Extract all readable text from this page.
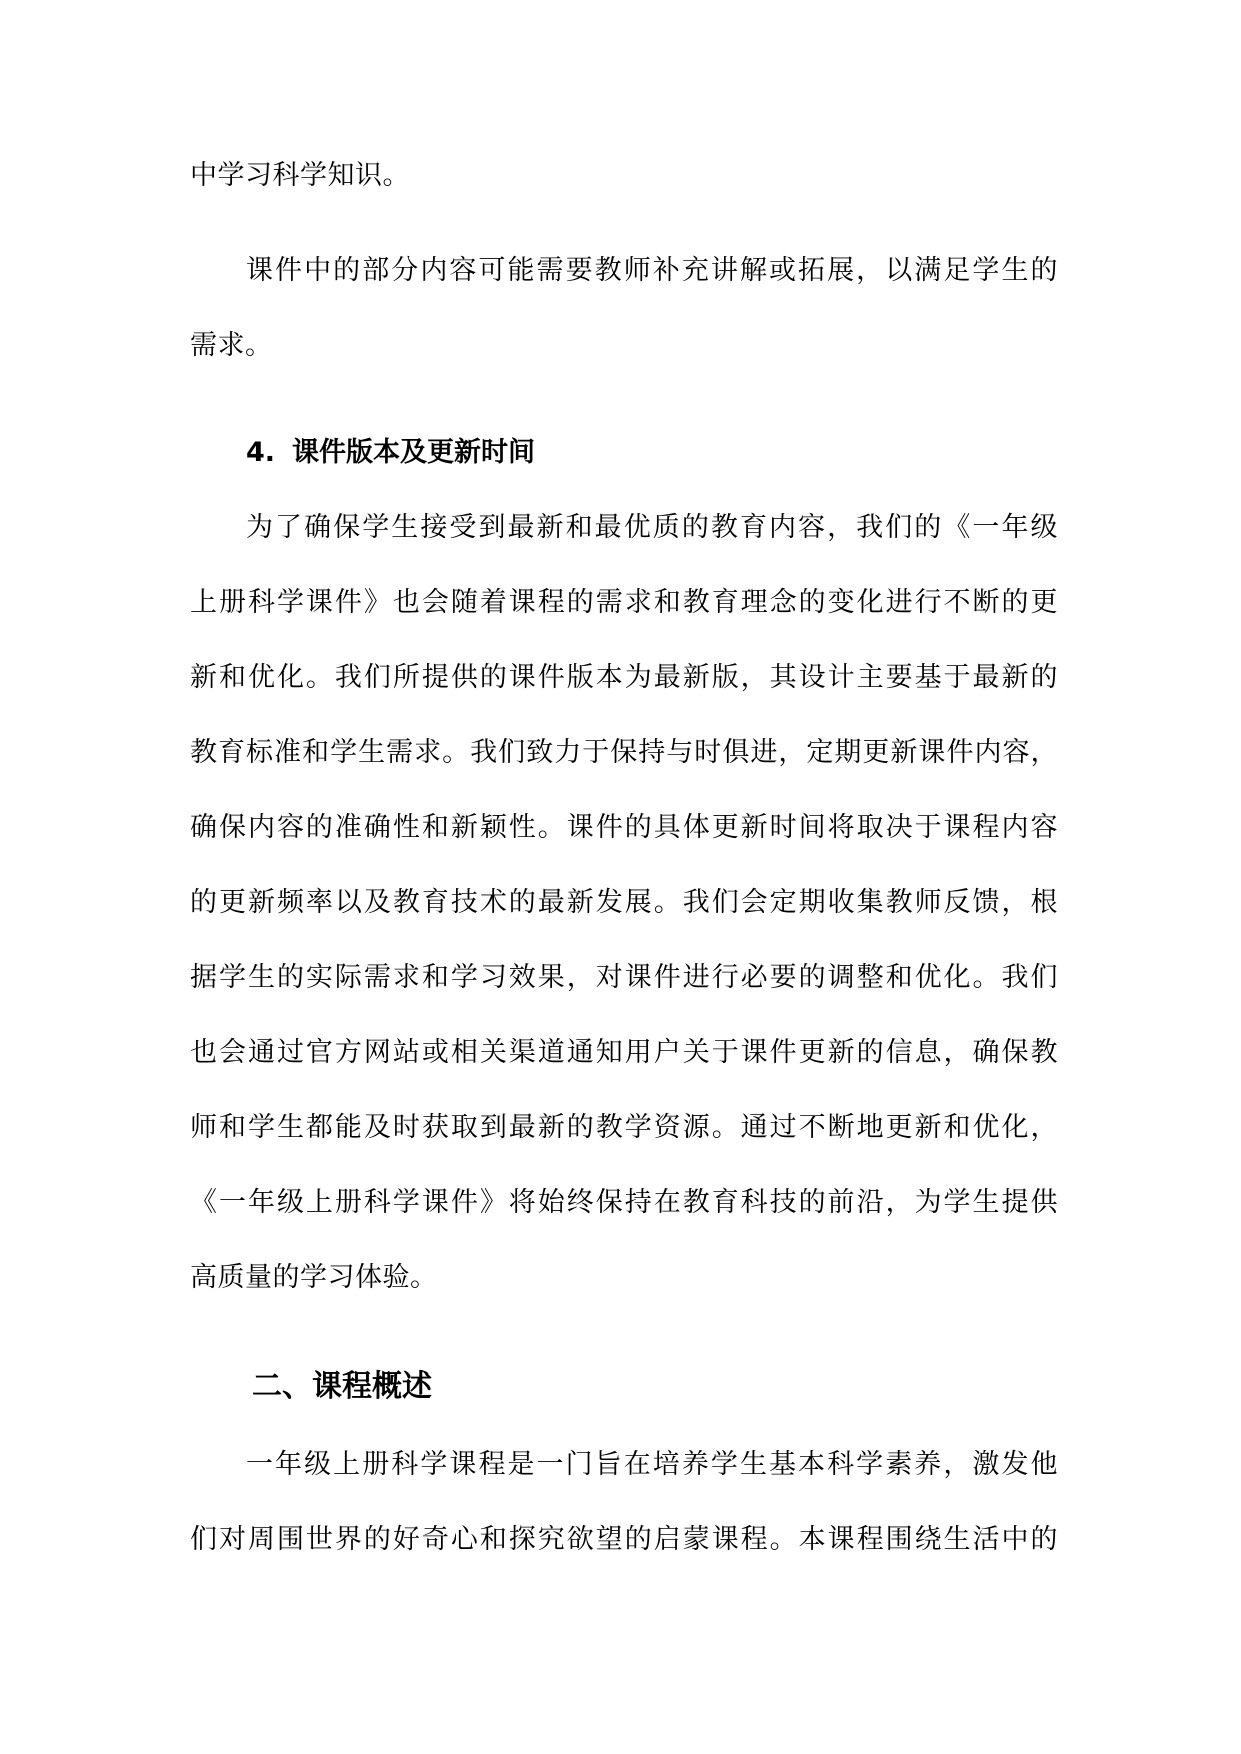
中学习科学知识。
课件中的部分内容可能需要教师补充讲解或拓展，以满足学生的
需求。
4. 课件版本及更新时间
为了确保学生接受到最新和最优质的教育内容，我们的《一年级
上册科学课件》也会随着课程的需求和教育理念的变化进行不断的更
新和优化。我们所提供的课件版本为最新版，其设计主要基于最新的
教育标准和学生需求。我们致力于保持与时俱进，定期更新课件内容，
确保内容的准确性和新颖性。课件的具体更新时间将取决于课程内容
的更新频率以及教育技术的最新发展。我们会定期收集教师反馈，根
据学生的实际需求和学习效果，对课件进行必要的调整和优化。我们
也会通过官方网站或相关渠道通知用户关于课件更新的信息，确保教
师和学生都能及时获取到最新的教学资源。通过不断地更新和优化，
《一年级上册科学课件》将始终保持在教育科技的前沿，为学生提供
高质量的学习体验。
二、课程概述
一年级上册科学课程是一门旨在培养学生基本科学素养，激发他
们对周围世界的好奇心和探究欲望的启蒙课程。本课程围绕生活中的
